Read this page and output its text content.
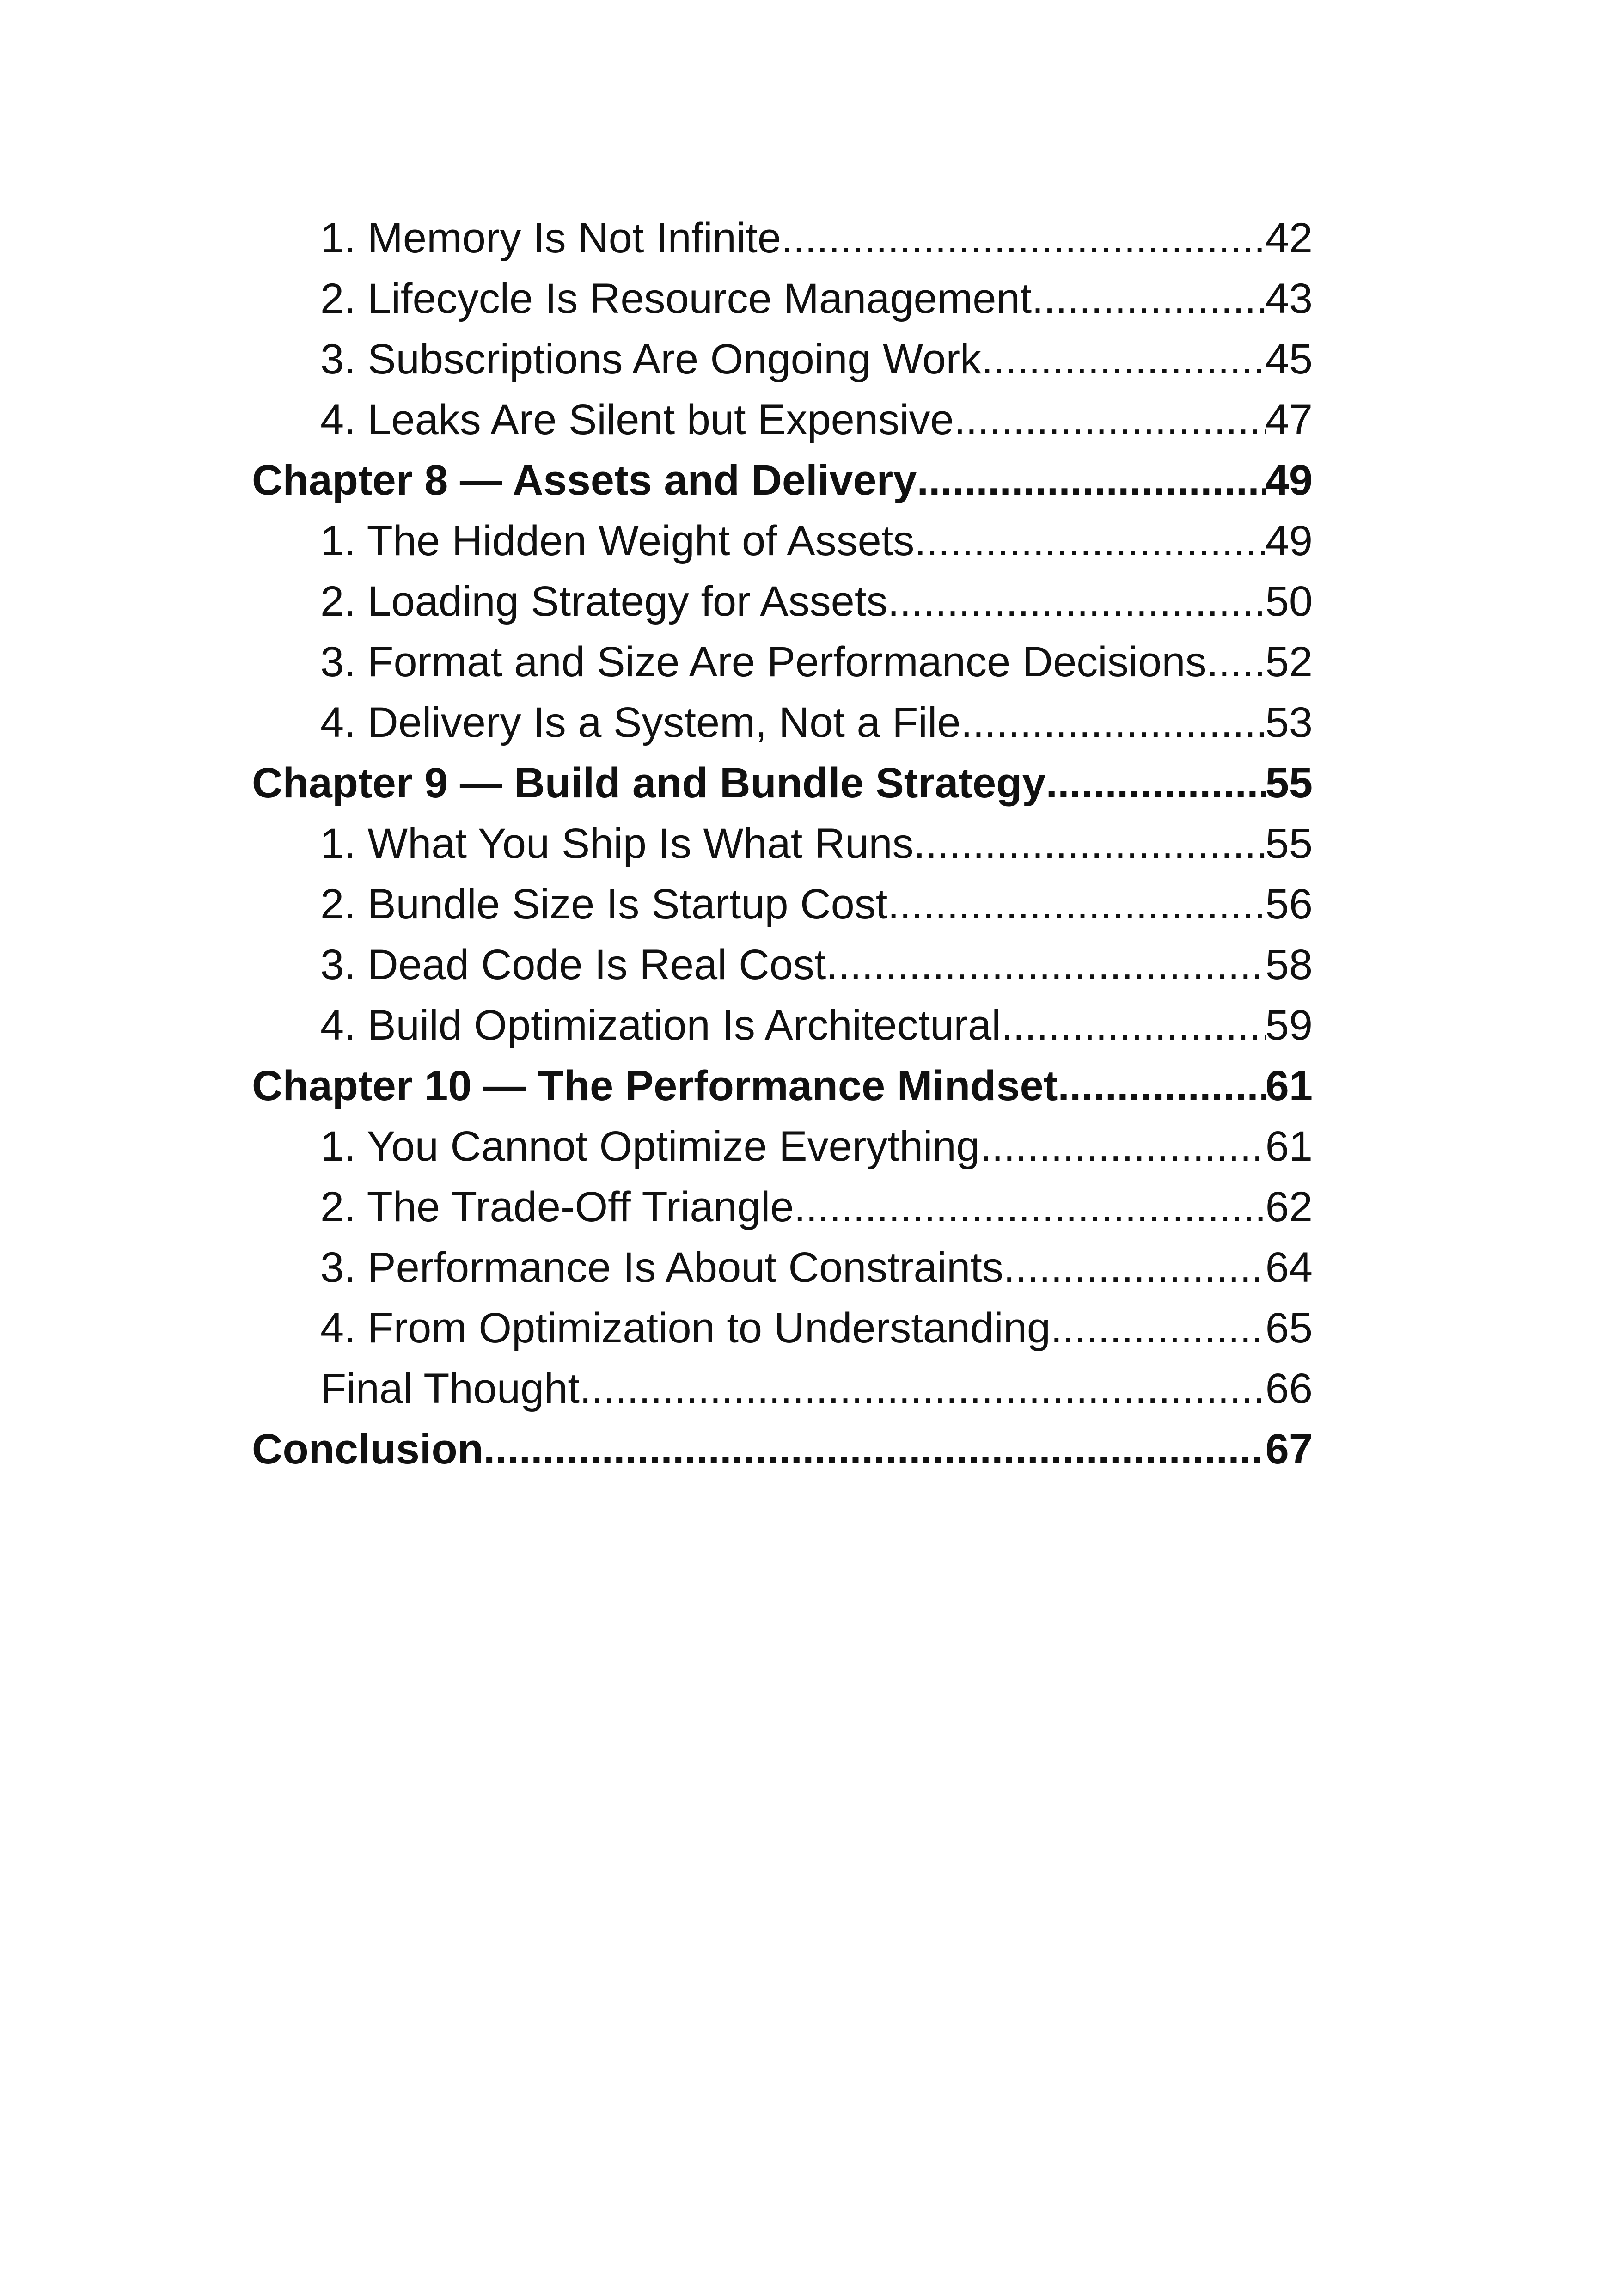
1. Memory Is Not Infinite .....	42
2. Lifecycle Is Resource Management .....	43
3. Subscriptions Are Ongoing Work .....	45
4. Leaks Are Silent but Expensive .....	47
Chapter 8 — Assets and Delivery .....	49
1. The Hidden Weight of Assets .....	49
2. Loading Strategy for Assets .....	50
3. Format and Size Are Performance Decisions ..... 52
4. Delivery Is a System, Not a File .....	53
Chapter 9 — Build and Bundle Strategy .....	55
1. What You Ship Is What Runs .....	55
2. Bundle Size Is Startup Cost .....	56
3. Dead Code Is Real Cost .....	58
4. Build Optimization Is Architectural .....	59
Chapter 10 — The Performance Mindset .....	61
1. You Cannot Optimize Everything .....	61
2. The Trade-Off Triangle .....	62
3. Performance Is About Constraints .....	64
4. From Optimization to Understanding .....	65
Final Thought .....	66
Conclusion .....	67
